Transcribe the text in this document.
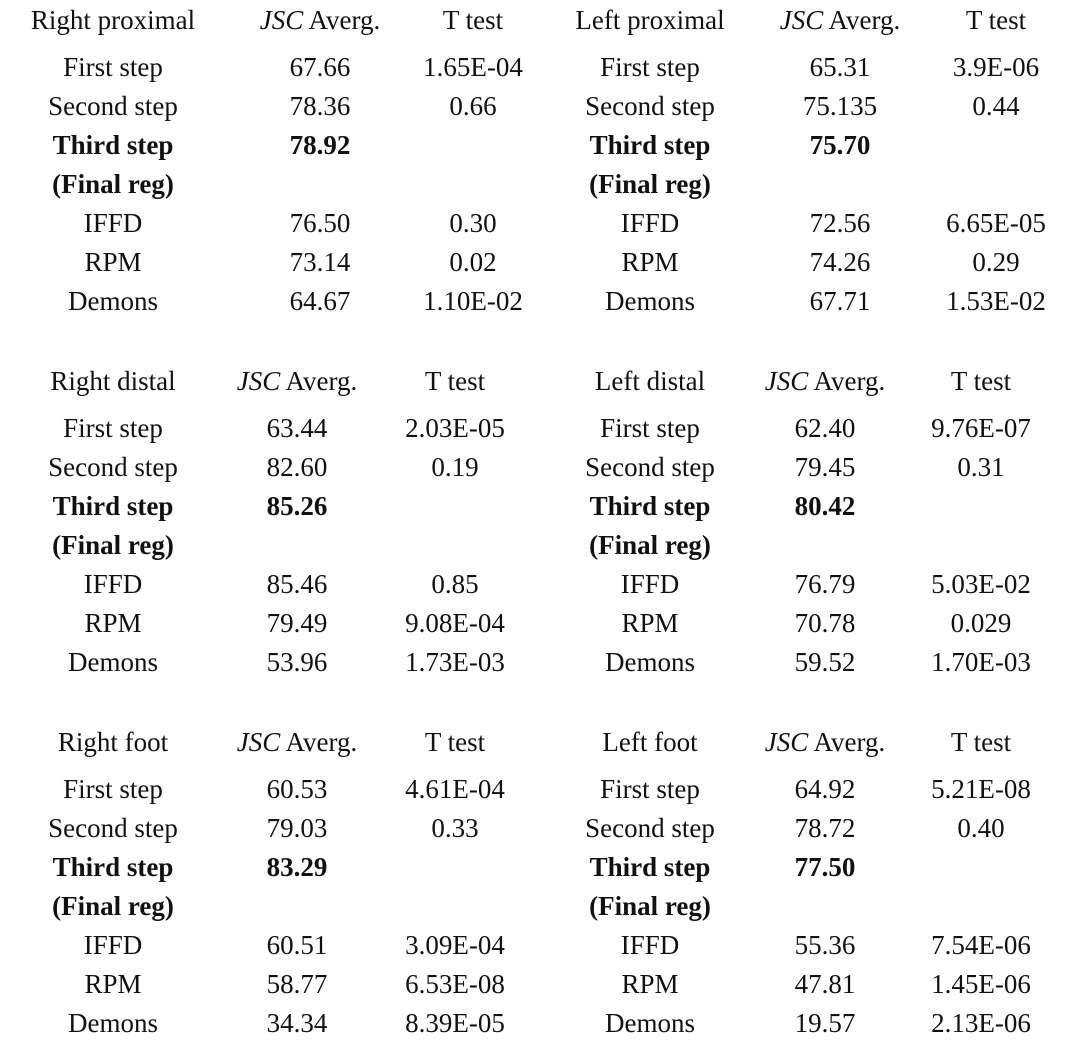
Right proximal	JSC Averg.	T test
First step	67.66	1.65E-04
Second step	78.36	0.66
Third step	78.92	
(Final reg)		
IFFD	76.50	0.30
RPM	73.14	0.02
Demons	64.67	1.10E-02
Left proximal	JSC Averg.	T test
First step	65.31	3.9E-06
Second step	75.135	0.44
Third step	75.70	
(Final reg)		
IFFD	72.56	6.65E-05
RPM	74.26	0.29
Demons	67.71	1.53E-02
Right distal	JSC Averg.	T test
First step	63.44	2.03E-05
Second step	82.60	0.19
Third step	85.26	
(Final reg)		
IFFD	85.46	0.85
RPM	79.49	9.08E-04
Demons	53.96	1.73E-03
Left distal	JSC Averg.	T test
First step	62.40	9.76E-07
Second step	79.45	0.31
Third step	80.42	
(Final reg)		
IFFD	76.79	5.03E-02
RPM	70.78	0.029
Demons	59.52	1.70E-03
Right foot	JSC Averg.	T test
First step	60.53	4.61E-04
Second step	79.03	0.33
Third step	83.29	
(Final reg)		
IFFD	60.51	3.09E-04
RPM	58.77	6.53E-08
Demons	34.34	8.39E-05
Left foot	JSC Averg.	T test
First step	64.92	5.21E-08
Second step	78.72	0.40
Third step	77.50	
(Final reg)		
IFFD	55.36	7.54E-06
RPM	47.81	1.45E-06
Demons	19.57	2.13E-06
